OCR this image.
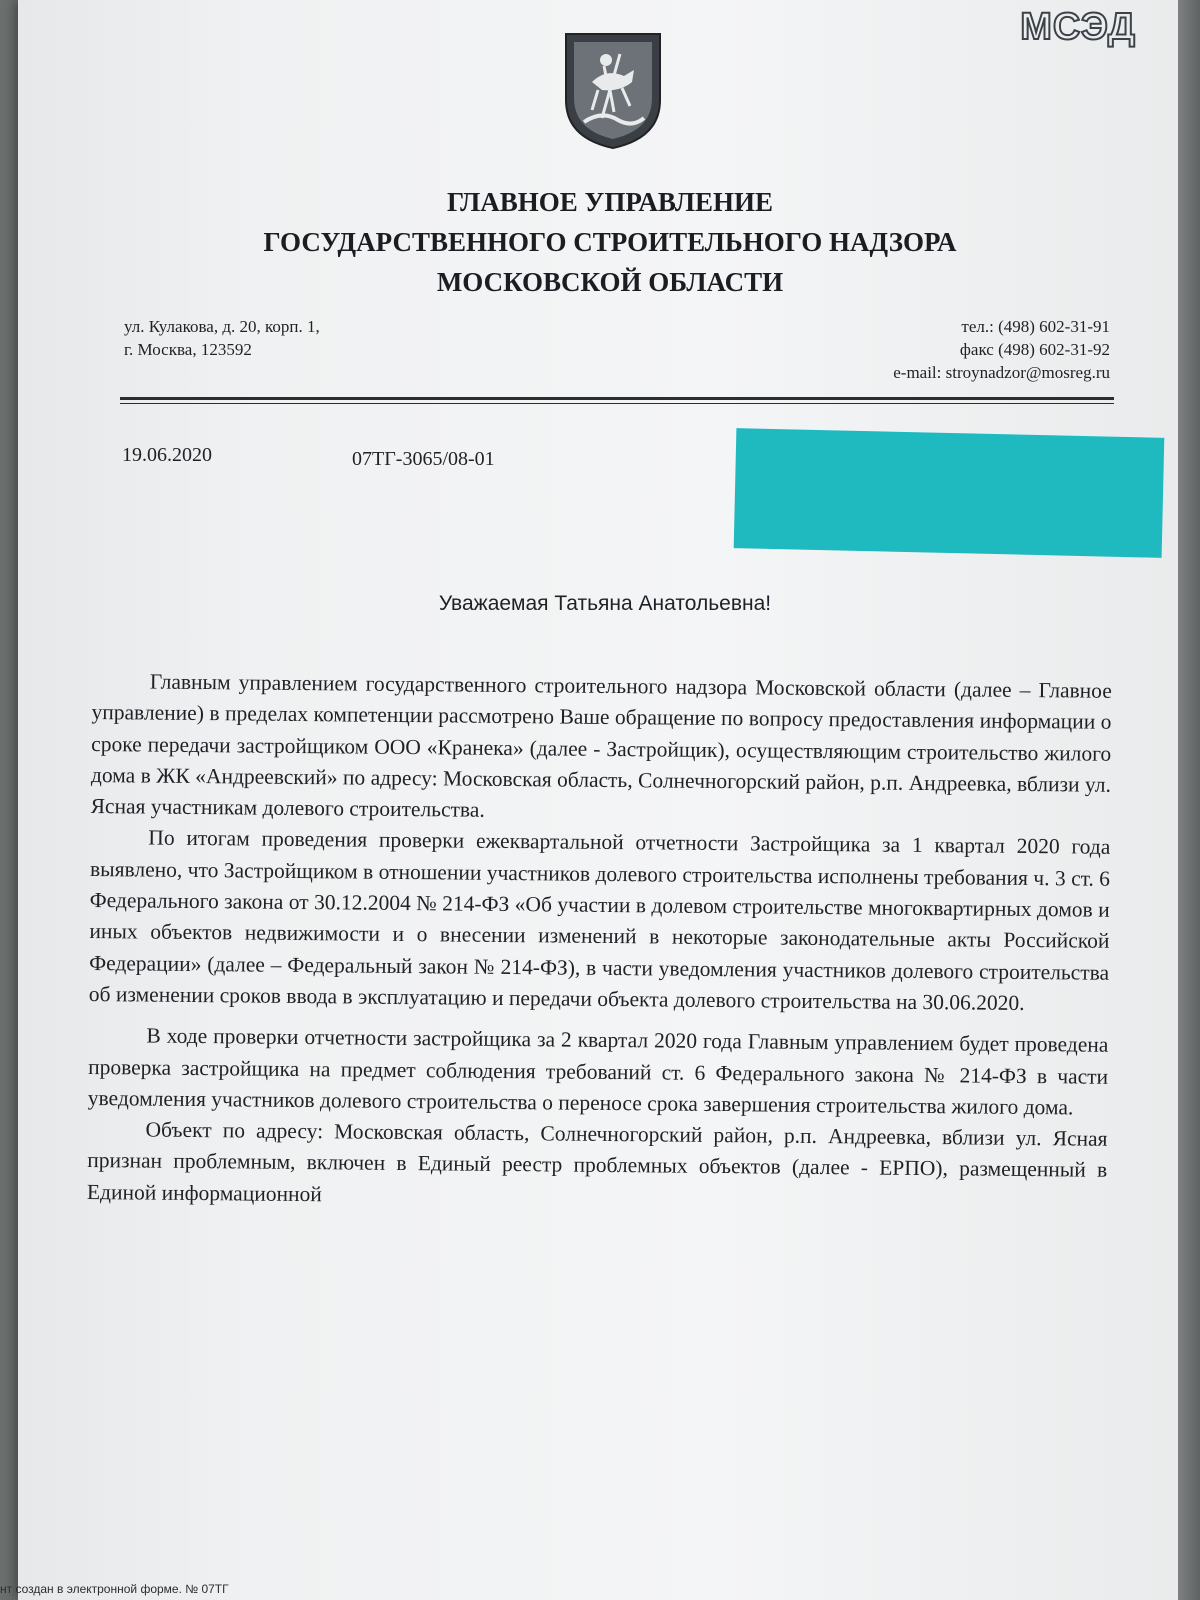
МСЭД
ГЛАВНОЕ УПРАВЛЕНИЕ
ГОСУДАРСТВЕННОГО СТРОИТЕЛЬНОГО НАДЗОРА
МОСКОВСКОЙ ОБЛАСТИ
ул. Кулакова, д. 20, корп. 1,
г. Москва, 123592
тел.: (498) 602-31-91
факс (498) 602-31-92
e-mail: stroynadzor@mosreg.ru
19.06.2020	07ТГ-3065/08-01
Уважаемая Татьяна Анатольевна!

Главным управлением государственного строительного надзора Московской области (далее – Главное управление) в пределах компетенции рассмотрено Ваше обращение по вопросу предоставления информации о сроке передачи застройщиком ООО «Кранека» (далее - Застройщик), осуществляющим строительство жилого дома в ЖК «Андреевский» по адресу: Московская область, Солнечногорский район, р.п. Андреевка, вблизи ул. Ясная участникам долевого строительства.

По итогам проведения проверки ежеквартальной отчетности Застройщика за 1 квартал 2020 года выявлено, что Застройщиком в отношении участников долевого строительства исполнены требования ч. 3 ст. 6 Федерального закона от 30.12.2004 № 214-ФЗ «Об участии в долевом строительстве многоквартирных домов и иных объектов недвижимости и о внесении изменений в некоторые законодательные акты Российской Федерации» (далее – Федеральный закон № 214-ФЗ), в части уведомления участников долевого строительства об изменении сроков ввода в эксплуатацию и передачи объекта долевого строительства на 30.06.2020.

В ходе проверки отчетности застройщика за 2 квартал 2020 года Главным управлением будет проведена проверка застройщика на предмет соблюдения требований ст. 6 Федерального закона № 214-ФЗ в части уведомления участников долевого строительства о переносе срока завершения строительства жилого дома.

Объект по адресу: Московская область, Солнечногорский район, р.п. Андреевка, вблизи ул. Ясная признан проблемным, включен в Единый реестр проблемных объектов (далее - ЕРПО), размещенный в Единой информационной

нт создан в электронной форме. № 07ТГ
